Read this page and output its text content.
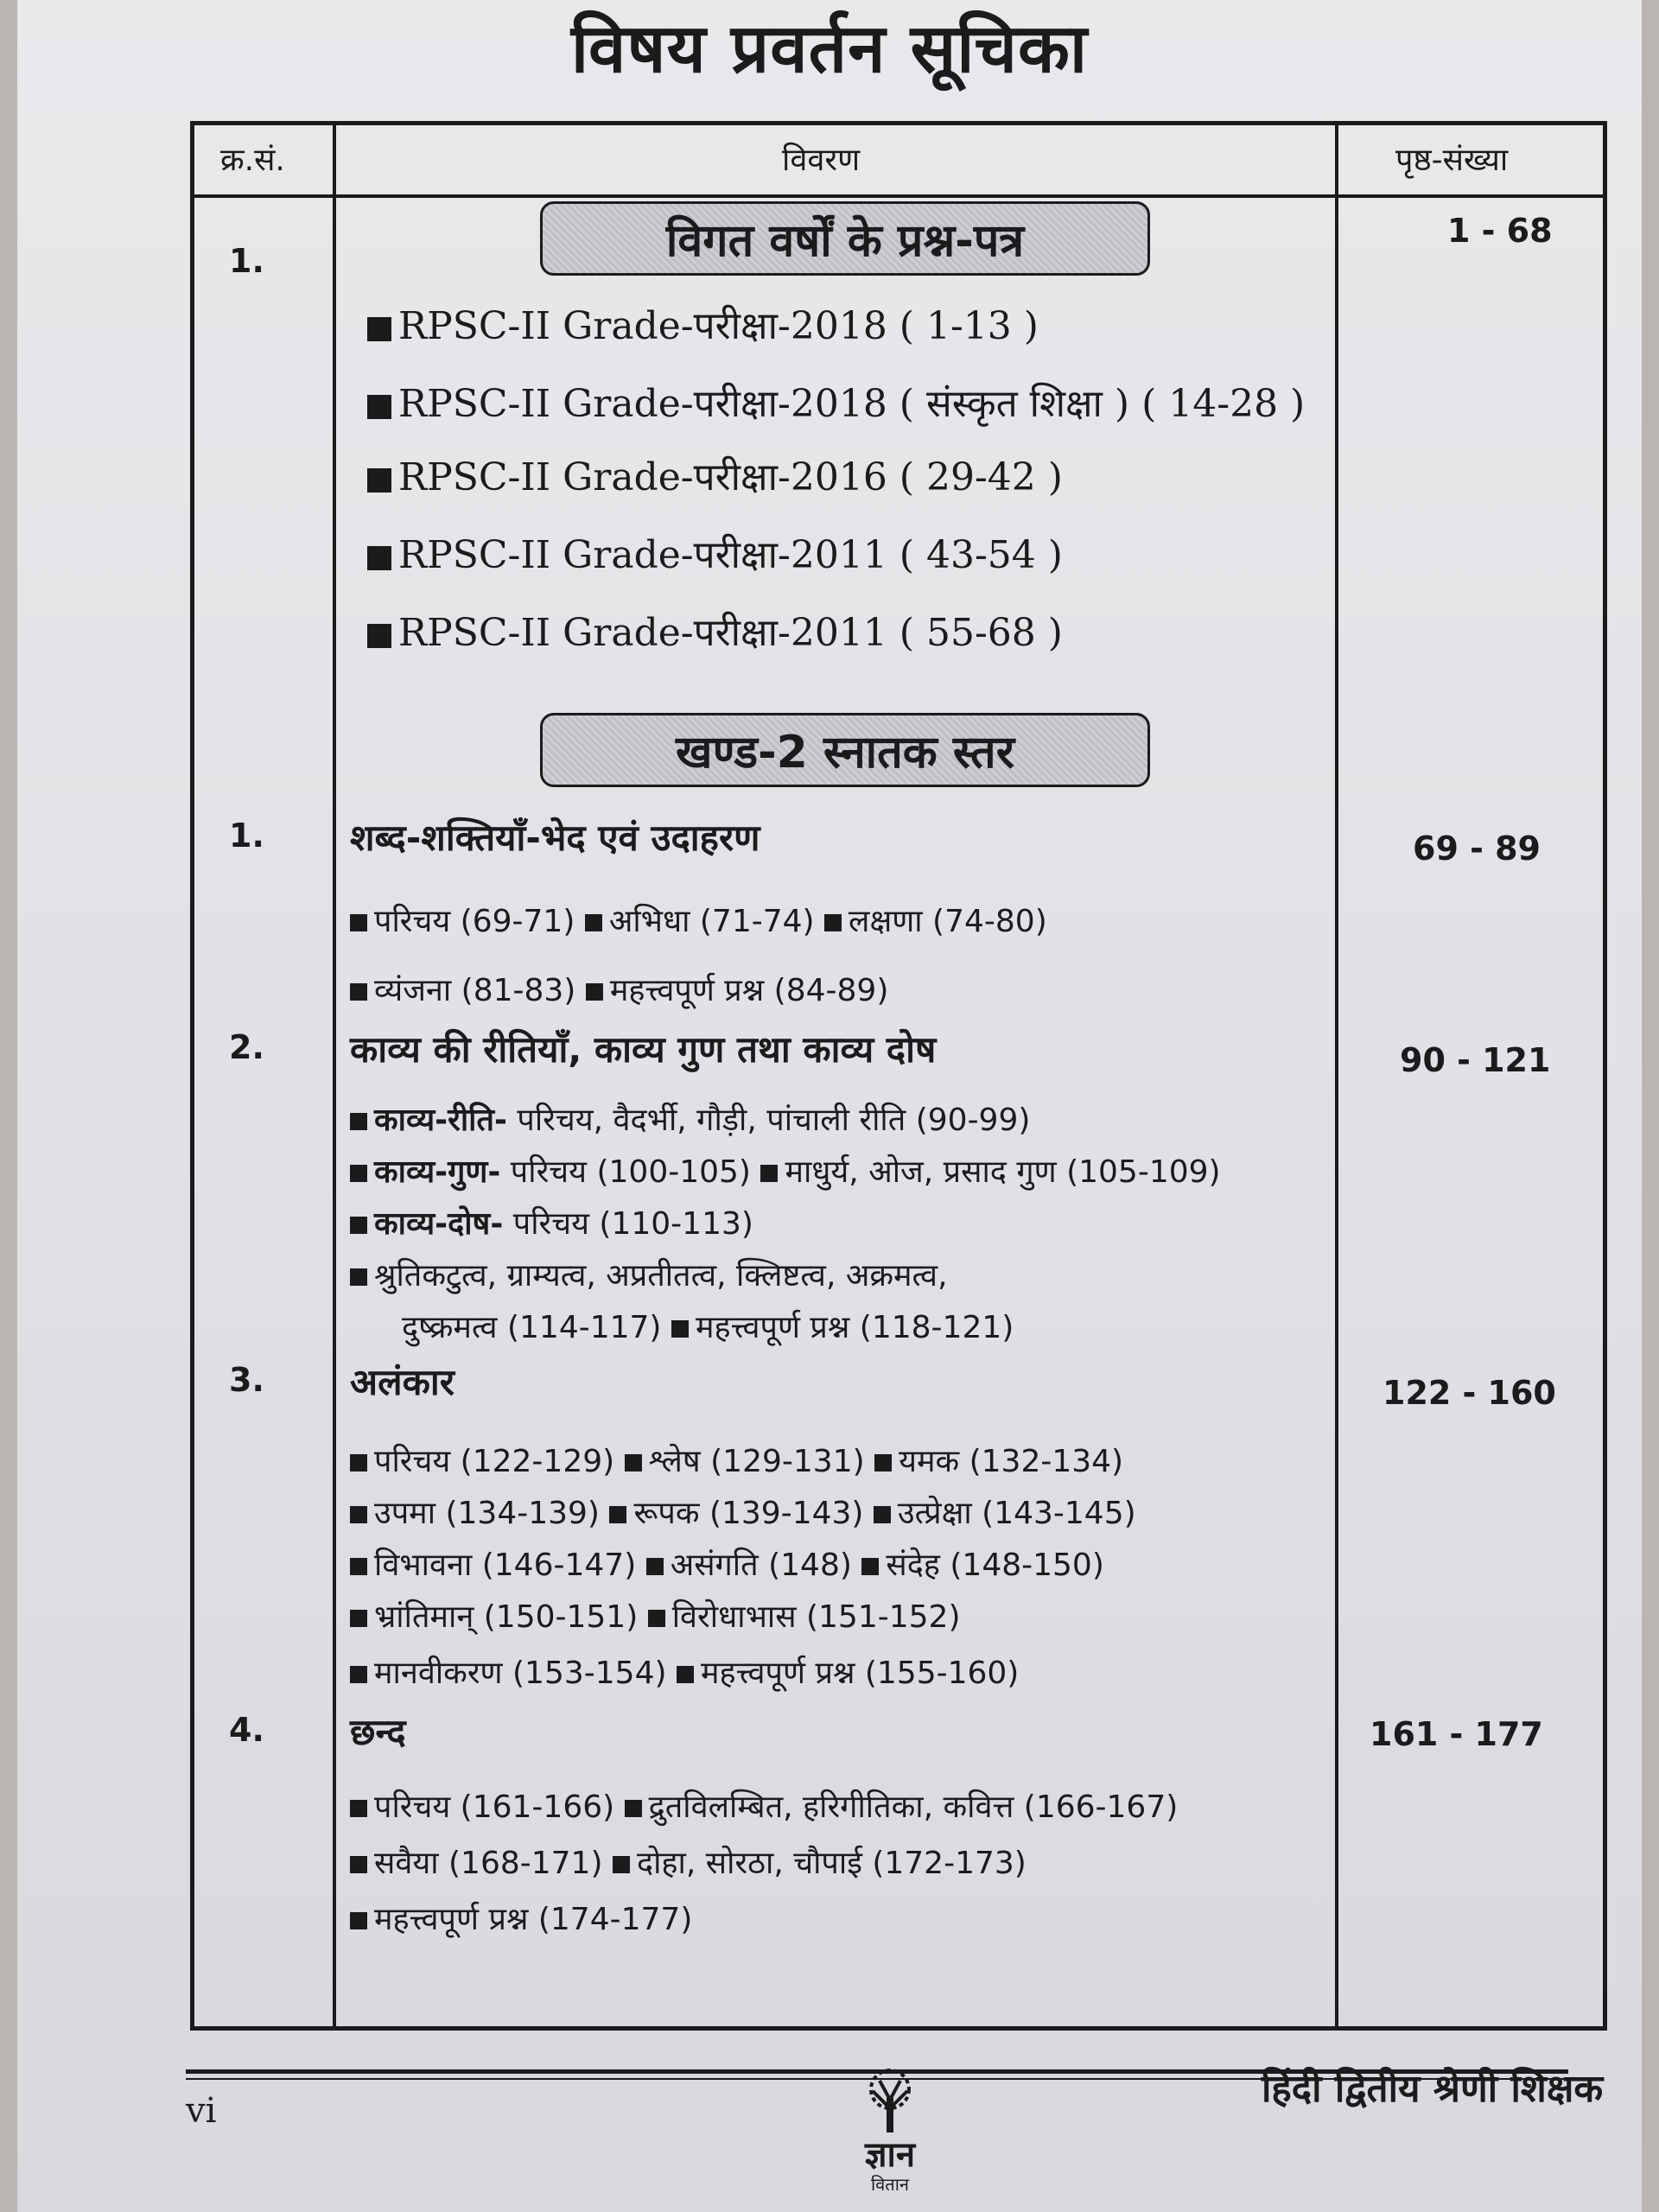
विषय प्रवर्तन सूचिका
क्र.सं.	विवरण	पृष्ठ-संख्या
1.	विगत वर्षों के प्रश्न-पत्र	1 - 68
RPSC-II Grade-परीक्षा-2018 ( 1-13 )
RPSC-II Grade-परीक्षा-2018 ( संस्कृत शिक्षा ) ( 14-28 )
RPSC-II Grade-परीक्षा-2016 ( 29-42 )
RPSC-II Grade-परीक्षा-2011 ( 43-54 )
RPSC-II Grade-परीक्षा-2011 ( 55-68 )
खण्ड-2 स्नातक स्तर
1. शब्द-शक्तियाँ-भेद एवं उदाहरण	69 - 89
परिचय (69-71) अभिधा (71-74) लक्षणा (74-80)
व्यंजना (81-83) महत्त्वपूर्ण प्रश्न (84-89)
2. काव्य की रीतियाँ, काव्य गुण तथा काव्य दोष	90 - 121
काव्य-रीति- परिचय, वैदर्भी, गौड़ी, पांचाली रीति (90-99)
काव्य-गुण- परिचय (100-105) माधुर्य, ओज, प्रसाद गुण (105-109)
काव्य-दोष- परिचय (110-113)
श्रुतिकटुत्व, ग्राम्यत्व, अप्रतीतत्व, क्लिष्टत्व, अक्रमत्व,
दुष्क्रमत्व (114-117) महत्त्वपूर्ण प्रश्न (118-121)
3. अलंकार	122 - 160
परिचय (122-129) श्लेष (129-131) यमक (132-134)
उपमा (134-139) रूपक (139-143) उत्प्रेक्षा (143-145)
विभावना (146-147) असंगति (148) संदेह (148-150)
भ्रांतिमान् (150-151) विरोधाभास (151-152)
मानवीकरण (153-154) महत्त्वपूर्ण प्रश्न (155-160)
4. छन्द	161 - 177
परिचय (161-166) द्रुतविलम्बित, हरिगीतिका, कवित्त (166-167)
सवैया (168-171) दोहा, सोरठा, चौपाई (172-173)
महत्त्वपूर्ण प्रश्न (174-177)
vi
ज्ञान
वितान
हिंदी द्वितीय श्रेणी शिक्षक
